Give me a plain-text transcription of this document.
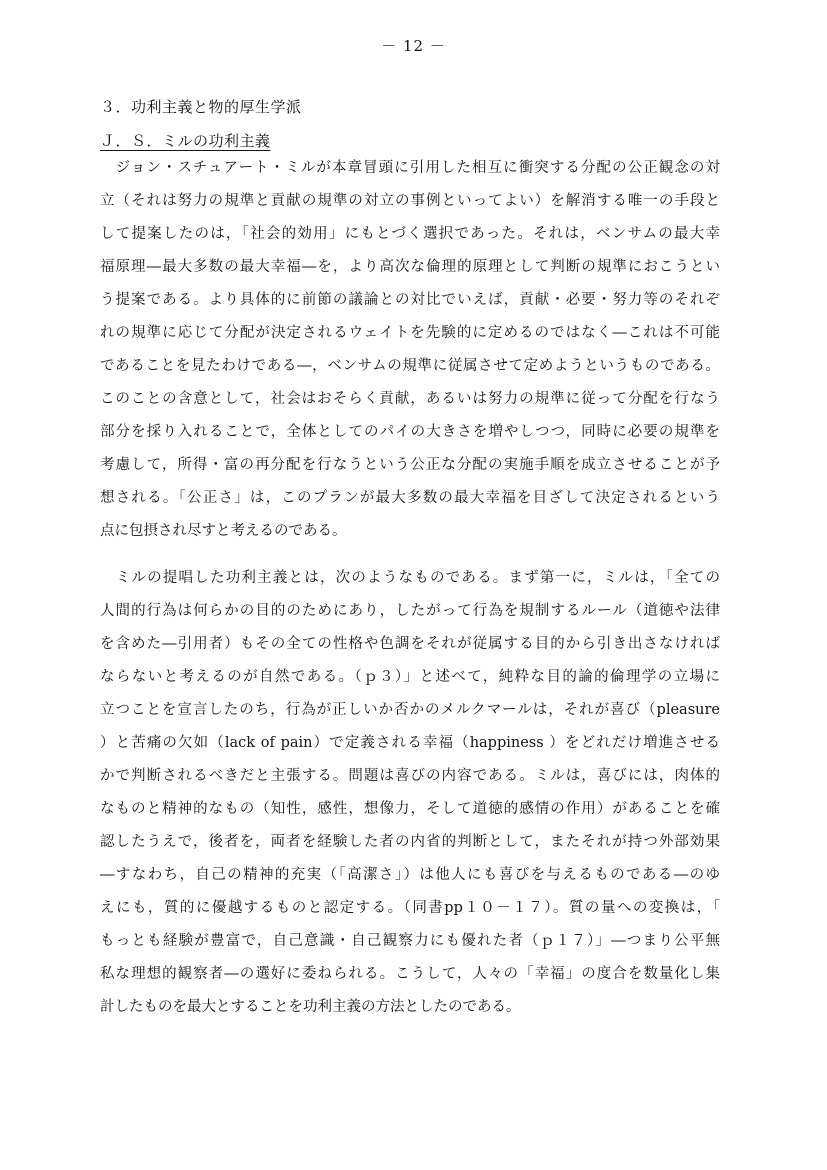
－ 12 －
３．功利主義と物的厚生学派
Ｊ．Ｓ．ミルの功利主義
　ジョン・スチュアート・ミルが本章冒頭に引用した相互に衝突する分配の公正観念の対
立（それは努力の規準と貢献の規準の対立の事例といってよい）を解消する唯一の手段と
して提案したのは，「社会的効用」にもとづく選択であった。それは，ベンサムの最大幸
福原理―最大多数の最大幸福―を，より高次な倫理的原理として判断の規準におこうとい
う提案である。より具体的に前節の議論との対比でいえば，貢献・必要・努力等のそれぞ
れの規準に応じて分配が決定されるウェイトを先験的に定めるのではなく―これは不可能
であることを見たわけである―，ベンサムの規準に従属させて定めようというものである。
このことの含意として，社会はおそらく貢献，あるいは努力の規準に従って分配を行なう
部分を採り入れることで，全体としてのパイの大きさを増やしつつ，同時に必要の規準を
考慮して，所得・富の再分配を行なうという公正な分配の実施手順を成立させることが予
想される。「公正さ」は，このプランが最大多数の最大幸福を目ざして決定されるという
点に包摂され尽すと考えるのである。
　ミルの提唱した功利主義とは，次のようなものである。まず第一に，ミルは，「全ての
人間的行為は何らかの目的のためにあり，したがって行為を規制するルール（道徳や法律
を含めた―引用者）もその全ての性格や色調をそれが従属する目的から引き出さなければ
ならないと考えるのが自然である。（ｐ３）」と述べて，純粋な目的論的倫理学の立場に
立つことを宣言したのち，行為が正しいか否かのメルクマールは，それが喜び（pleasure
）と苦痛の欠如（lack of pain）で定義される幸福（happiness ）をどれだけ増進させる
かで判断されるべきだと主張する。問題は喜びの内容である。ミルは，喜びには，肉体的
なものと精神的なもの（知性，感性，想像力，そして道徳的感情の作用）があることを確
認したうえで，後者を，両者を経験した者の内省的判断として，またそれが持つ外部効果
―すなわち，自己の精神的充実（「高潔さ」）は他人にも喜びを与えるものである―のゆ
えにも，質的に優越するものと認定する。（同書pp１０－１７）。質の量への変換は，「
もっとも経験が豊富で，自己意識・自己観察力にも優れた者（ｐ１７）」―つまり公平無
私な理想的観察者―の選好に委ねられる。こうして，人々の「幸福」の度合を数量化し集
計したものを最大とすることを功利主義の方法としたのである。
